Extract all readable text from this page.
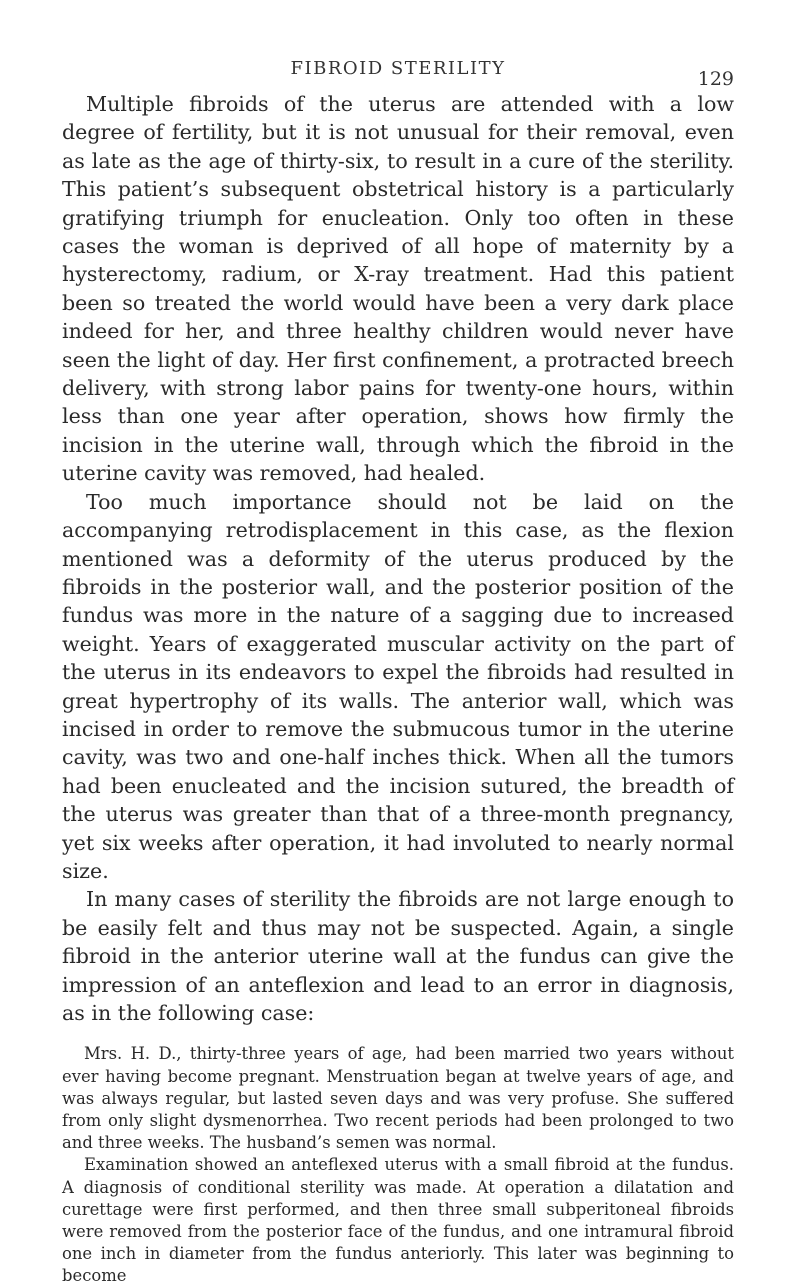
FIBROID STERILITY	129

Multiple fibroids of the uterus are attended with a low degree of fertility, but it is not unusual for their removal, even as late as the age of thirty-six, to result in a cure of the sterility. This patient’s subsequent obstetrical history is a particularly gratifying triumph for enucleation. Only too often in these cases the woman is deprived of all hope of maternity by a hysterectomy, radium, or X-ray treatment. Had this patient been so treated the world would have been a very dark place indeed for her, and three healthy children would never have seen the light of day. Her first confinement, a protracted breech delivery, with strong labor pains for twenty-one hours, within less than one year after operation, shows how firmly the incision in the uterine wall, through which the fibroid in the uterine cavity was removed, had healed.

Too much importance should not be laid on the accompanying retrodisplacement in this case, as the flexion mentioned was a deformity of the uterus produced by the fibroids in the posterior wall, and the posterior position of the fundus was more in the nature of a sagging due to increased weight. Years of exaggerated muscular activity on the part of the uterus in its endeavors to expel the fibroids had resulted in great hypertrophy of its walls. The anterior wall, which was incised in order to remove the submucous tumor in the uterine cavity, was two and one-half inches thick. When all the tumors had been enucleated and the incision sutured, the breadth of the uterus was greater than that of a three-month pregnancy, yet six weeks after operation, it had involuted to nearly normal size.

In many cases of sterility the fibroids are not large enough to be easily felt and thus may not be suspected. Again, a single fibroid in the anterior uterine wall at the fundus can give the impression of an anteflexion and lead to an error in diagnosis, as in the following case:

Mrs. H. D., thirty-three years of age, had been married two years without ever having become pregnant. Menstruation began at twelve years of age, and was always regular, but lasted seven days and was very profuse. She suffered from only slight dysmenorrhea. Two recent periods had been prolonged to two and three weeks. The husband’s semen was normal.

Examination showed an anteflexed uterus with a small fibroid at the fundus. A diagnosis of conditional sterility was made. At operation a dilatation and curettage were first performed, and then three small subperitoneal fibroids were removed from the posterior face of the fundus, and one intramural fibroid one inch in diameter from the fundus anteriorly. This later was beginning to become
